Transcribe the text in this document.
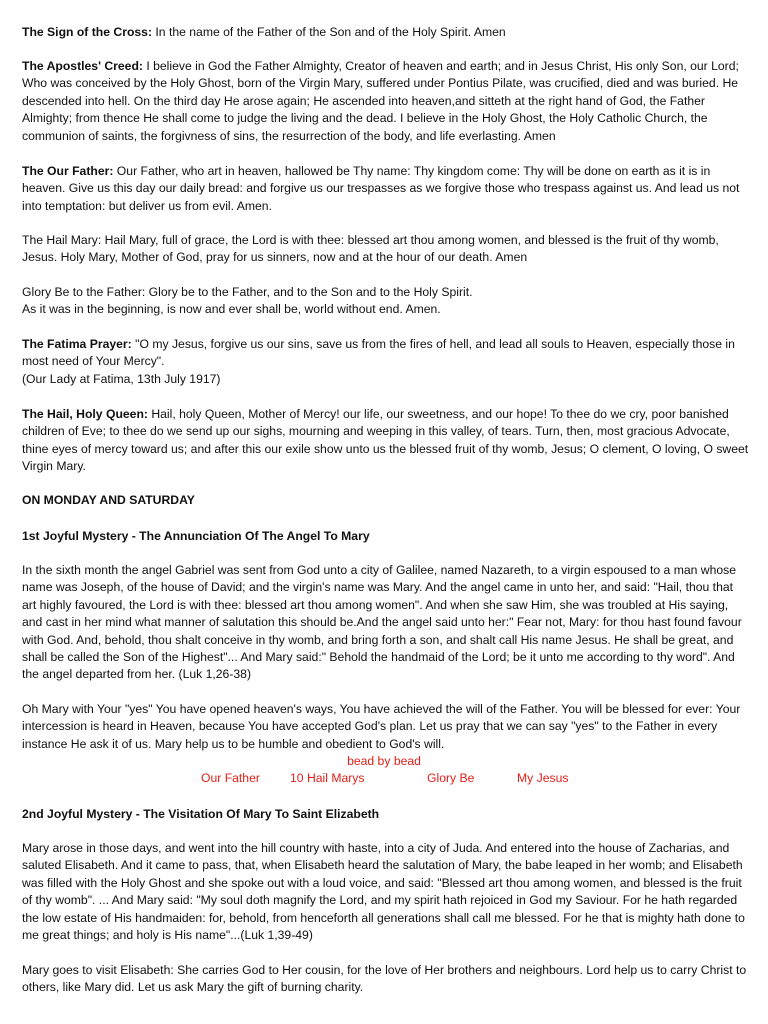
The Sign of the Cross: In the name of the Father of the Son and of the Holy Spirit. Amen

The Apostles' Creed: I believe in God the Father Almighty, Creator of heaven and earth; and in Jesus Christ, His only Son, our Lord; Who was conceived by the Holy Ghost, born of the Virgin Mary, suffered under Pontius Pilate, was crucified, died and was buried. He descended into hell. On the third day He arose again; He ascended into heaven,and sitteth at the right hand of God, the Father Almighty; from thence He shall come to judge the living and the dead. I believe in the Holy Ghost, the Holy Catholic Church, the communion of saints, the forgivness of sins, the resurrection of the body, and life everlasting. Amen

The Our Father: Our Father, who art in heaven, hallowed be Thy name: Thy kingdom come: Thy will be done on earth as it is in heaven. Give us this day our daily bread: and forgive us our trespasses as we forgive those who trespass against us. And lead us not into temptation: but deliver us from evil. Amen.

The Hail Mary: Hail Mary, full of grace, the Lord is with thee: blessed art thou among women, and blessed is the fruit of thy womb, Jesus. Holy Mary, Mother of God, pray for us sinners, now and at the hour of our death. Amen

Glory Be to the Father: Glory be to the Father, and to the Son and to the Holy Spirit.
As it was in the beginning, is now and ever shall be, world without end. Amen.

The Fatima Prayer: "O my Jesus, forgive us our sins, save us from the fires of hell, and lead all souls to Heaven, especially those in most need of Your Mercy".
(Our Lady at Fatima, 13th July 1917)

The Hail, Holy Queen: Hail, holy Queen, Mother of Mercy! our life, our sweetness, and our hope! To thee do we cry, poor banished children of Eve; to thee do we send up our sighs, mourning and weeping in this valley, of tears. Turn, then, most gracious Advocate, thine eyes of mercy toward us; and after this our exile show unto us the blessed fruit of thy womb, Jesus; O clement, O loving, O sweet Virgin Mary.

ON MONDAY AND SATURDAY

1st Joyful Mystery - The Annunciation Of The Angel To Mary

In the sixth month the angel Gabriel was sent from God unto a city of Galilee, named Nazareth, to a virgin espoused to a man whose name was Joseph, of the house of David; and the virgin's name was Mary. And the angel came in unto her, and said: "Hail, thou that art highly favoured, the Lord is with thee: blessed art thou among women". And when she saw Him, she was troubled at His saying, and cast in her mind what manner of salutation this should be.And the angel said unto her:" Fear not, Mary: for thou hast found favour with God. And, behold, thou shalt conceive in thy womb, and bring forth a son, and shalt call His name Jesus. He shall be great, and shall be called the Son of the Highest"... And Mary said:" Behold the handmaid of the Lord; be it unto me according to thy word". And the angel departed from her. (Luk 1,26-38)

Oh Mary with Your "yes" You have opened heaven's ways, You have achieved the will of the Father. You will be blessed for ever: Your intercession is heard in Heaven, because You have accepted God's plan. Let us pray that we can say "yes" to the Father in every instance He ask it of us. Mary help us to be humble and obedient to God's will.

bead by bead

Our Father 10 Hail Marys	Glory Be	My Jesus

2nd Joyful Mystery - The Visitation Of Mary To Saint Elizabeth

Mary arose in those days, and went into the hill country with haste, into a city of Juda. And entered into the house of Zacharias, and saluted Elisabeth. And it came to pass, that, when Elisabeth heard the salutation of Mary, the babe leaped in her womb; and Elisabeth was filled with the Holy Ghost and she spoke out with a loud voice, and said: "Blessed art thou among women, and blessed is the fruit of thy womb". ... And Mary said: "My soul doth magnify the Lord, and my spirit hath rejoiced in God my Saviour. For he hath regarded the low estate of His handmaiden: for, behold, from henceforth all generations shall call me blessed. For he that is mighty hath done to me great things; and holy is His name"...(Luk 1,39-49)

Mary goes to visit Elisabeth: She carries God to Her cousin, for the love of Her brothers and neighbours. Lord help us to carry Christ to others, like Mary did. Let us ask Mary the gift of burning charity.
